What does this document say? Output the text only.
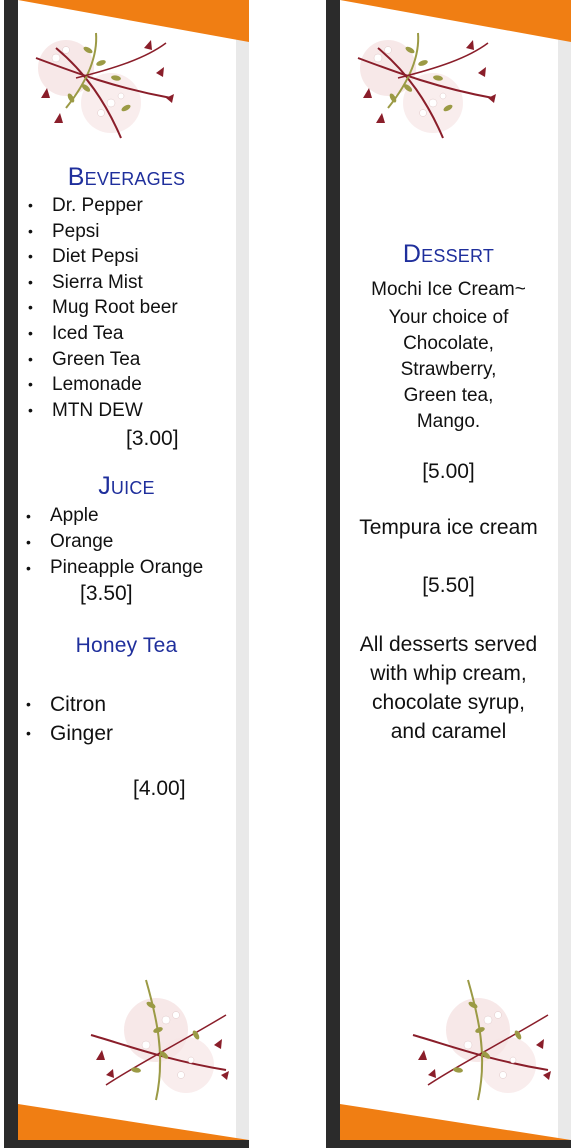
Beverages
• Dr. Pepper
• Pepsi
• Diet Pepsi
• Sierra Mist
• Mug Root beer
• Iced Tea
• Green Tea
• Lemonade
• MTN DEW
[3.00]
Juice
• Apple
• Orange
• Pineapple Orange
[3.50]
Honey Tea
• Citron
• Ginger
[4.00]
Dessert
Mochi Ice Cream~
Your choice of
Chocolate,
Strawberry,
Green tea,
Mango.
[5.00]
Tempura ice cream
[5.50]
All desserts served
with whip cream,
chocolate syrup,
and caramel
